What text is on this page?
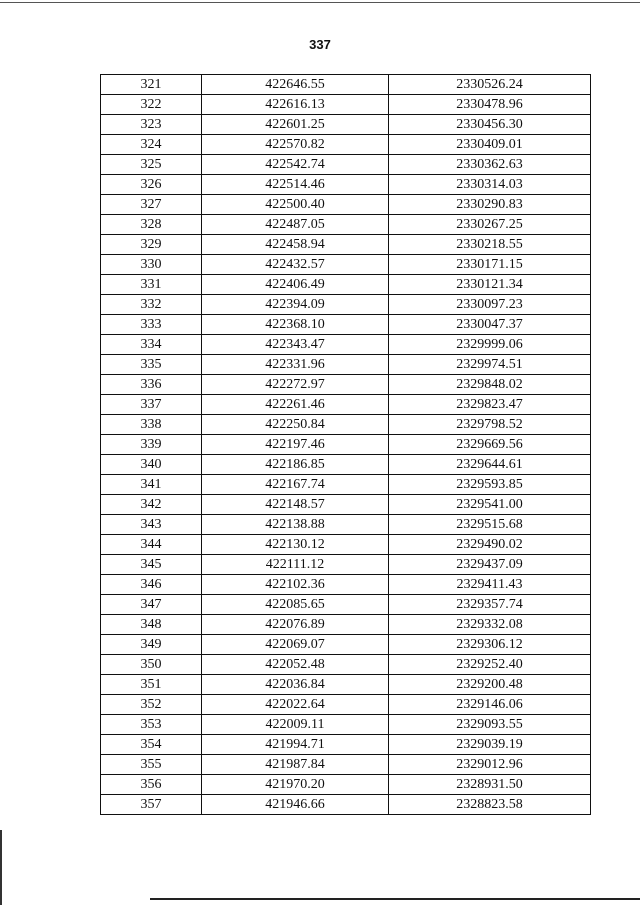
337
321	422646.55	2330526.24
322	422616.13	2330478.96
323	422601.25	2330456.30
324	422570.82	2330409.01
325	422542.74	2330362.63
326	422514.46	2330314.03
327	422500.40	2330290.83
328	422487.05	2330267.25
329	422458.94	2330218.55
330	422432.57	2330171.15
331	422406.49	2330121.34
332	422394.09	2330097.23
333	422368.10	2330047.37
334	422343.47	2329999.06
335	422331.96	2329974.51
336	422272.97	2329848.02
337	422261.46	2329823.47
338	422250.84	2329798.52
339	422197.46	2329669.56
340	422186.85	2329644.61
341	422167.74	2329593.85
342	422148.57	2329541.00
343	422138.88	2329515.68
344	422130.12	2329490.02
345	422111.12	2329437.09
346	422102.36	2329411.43
347	422085.65	2329357.74
348	422076.89	2329332.08
349	422069.07	2329306.12
350	422052.48	2329252.40
351	422036.84	2329200.48
352	422022.64	2329146.06
353	422009.11	2329093.55
354	421994.71	2329039.19
355	421987.84	2329012.96
356	421970.20	2328931.50
357	421946.66	2328823.58
